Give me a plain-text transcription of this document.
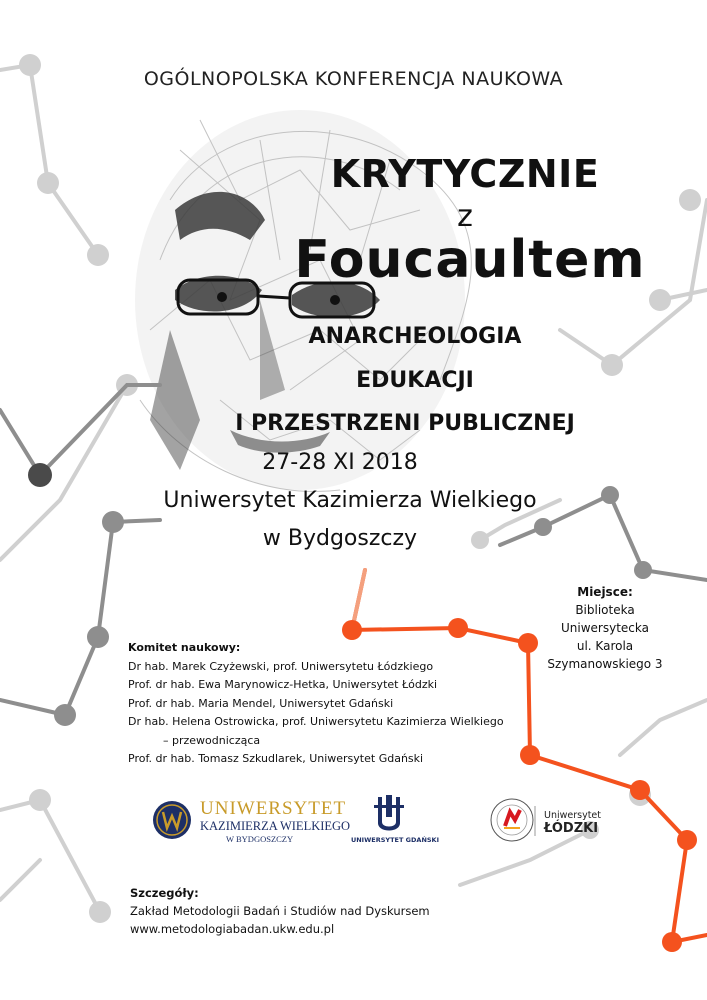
OGÓLNOPOLSKA KONFERENCJA NAUKOWA
KRYTYCZNIE
z
Foucaultem
ANARCHEOLOGIA
EDUKACJI
I PRZESTRZENI PUBLICZNEJ
27-28 XI 2018
Uniwersytet Kazimierza Wielkiego
w Bydgoszczy
Miejsce:
Biblioteka
Uniwersytecka
ul. Karola
Szymanowskiego 3
Komitet naukowy:
Dr hab. Marek Czyżewski, prof. Uniwersytetu Łódzkiego
Prof. dr hab. Ewa Marynowicz-Hetka, Uniwersytet Łódzki
Prof. dr hab. Maria Mendel, Uniwersytet Gdański
Dr hab. Helena Ostrowicka, prof. Uniwersytetu Kazimierza Wielkiego
– przewodnicząca
Prof. dr hab. Tomasz Szkudlarek, Uniwersytet Gdański
UNIWERSYTET
KAZIMIERZA WIELKIEGO
W BYDGOSZCZY	UNIWERSYTET GDAŃSKI
Uniwersytet
ŁÓDZKI
Szczegóły:
Zakład Metodologii Badań i Studiów nad Dyskursem
www.metodologiabadan.ukw.edu.pl
